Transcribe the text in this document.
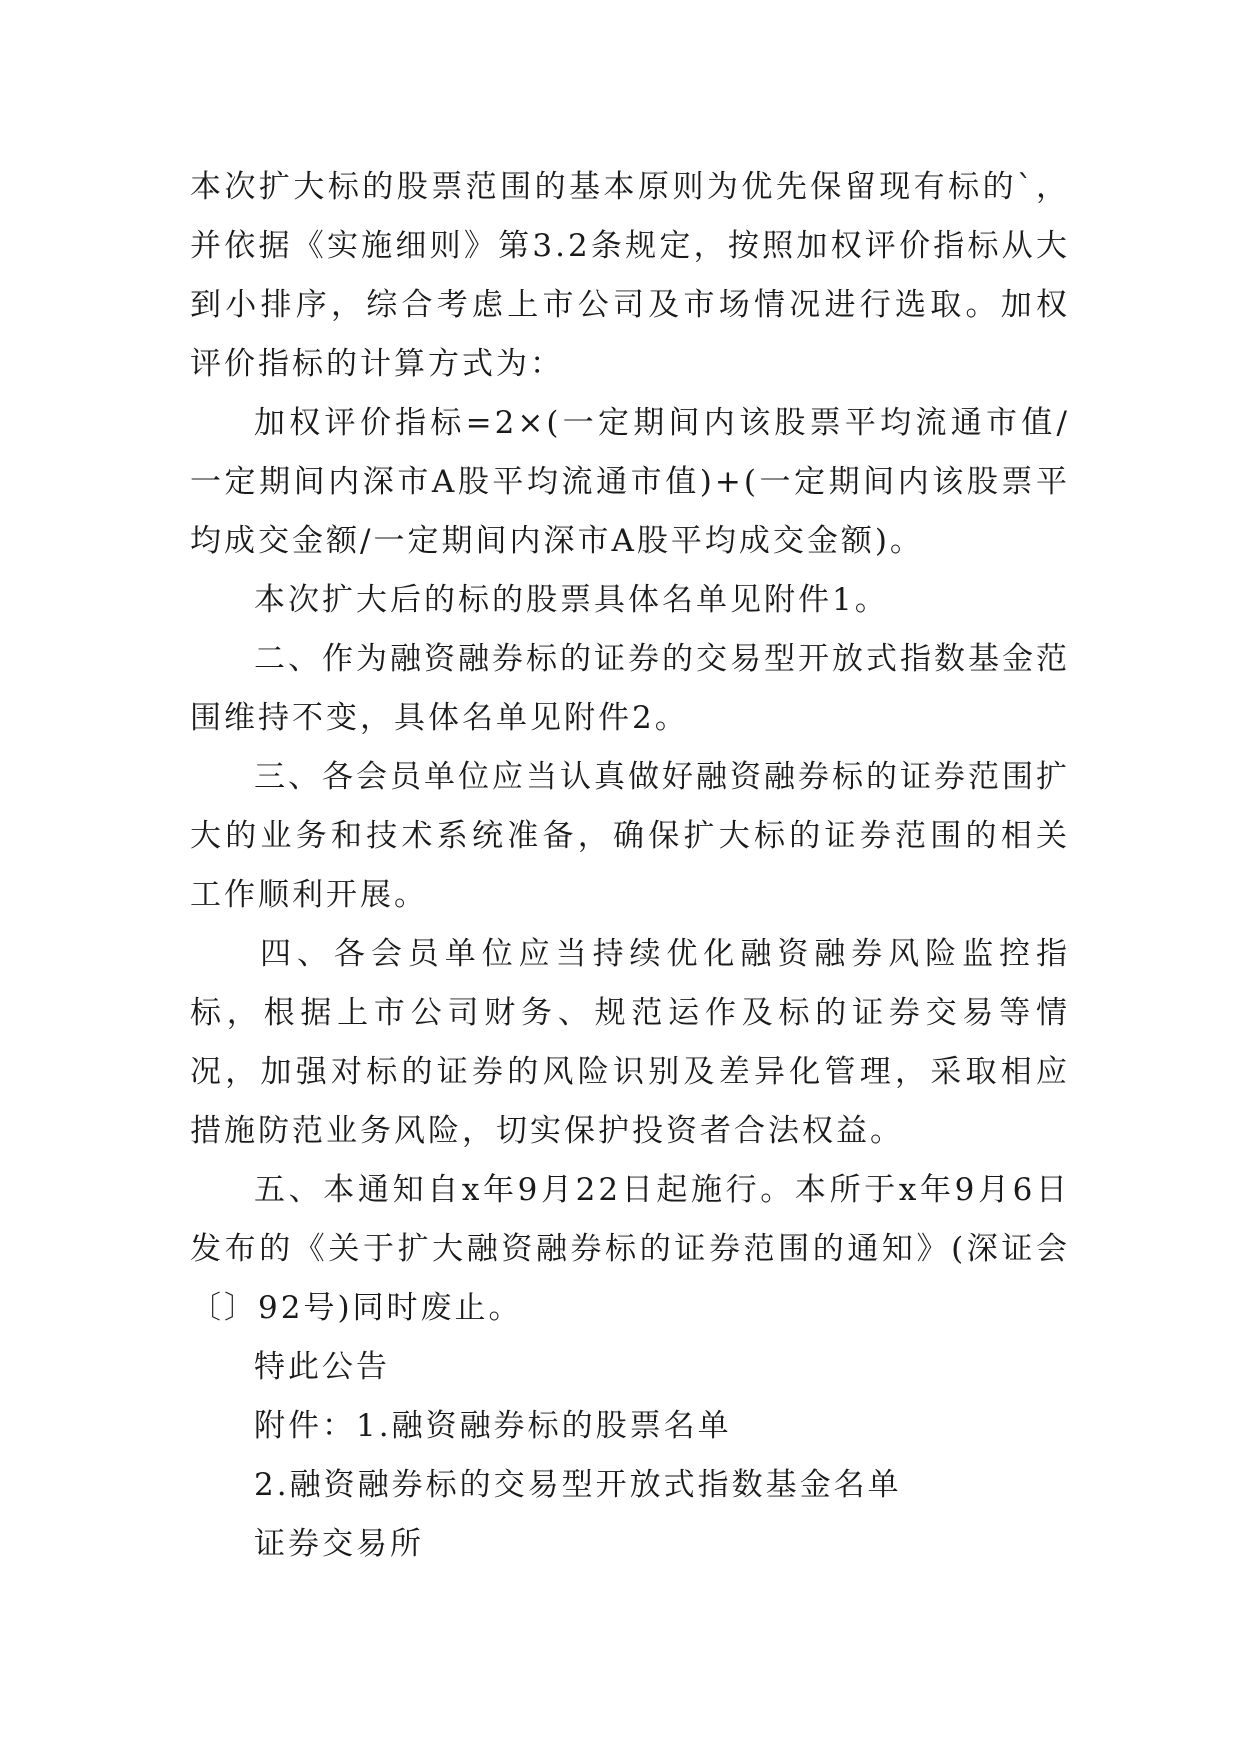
本次扩大标的股票范围的基本原则为优先保留现有标的`，并依据《实施细则》第3.2条规定，按照加权评价指标从大到小排序，综合考虑上市公司及市场情况进行选取。加权评价指标的计算方式为：

加权评价指标=2×(一定期间内该股票平均流通市值/一定期间内深市A股平均流通市值)+(一定期间内该股票平均成交金额/一定期间内深市A股平均成交金额)。

本次扩大后的标的股票具体名单见附件1。

二、作为融资融券标的证券的交易型开放式指数基金范围维持不变，具体名单见附件2。

三、各会员单位应当认真做好融资融券标的证券范围扩大的业务和技术系统准备，确保扩大标的证券范围的相关工作顺利开展。

四、各会员单位应当持续优化融资融券风险监控指标，根据上市公司财务、规范运作及标的证券交易等情况，加强对标的证券的风险识别及差异化管理，采取相应措施防范业务风险，切实保护投资者合法权益。

五、本通知自x年9月22日起施行。本所于x年9月6日发布的《关于扩大融资融券标的证券范围的通知》(深证会〔〕92号)同时废止。

特此公告

附件：1.融资融券标的股票名单

2.融资融券标的交易型开放式指数基金名单

证券交易所
